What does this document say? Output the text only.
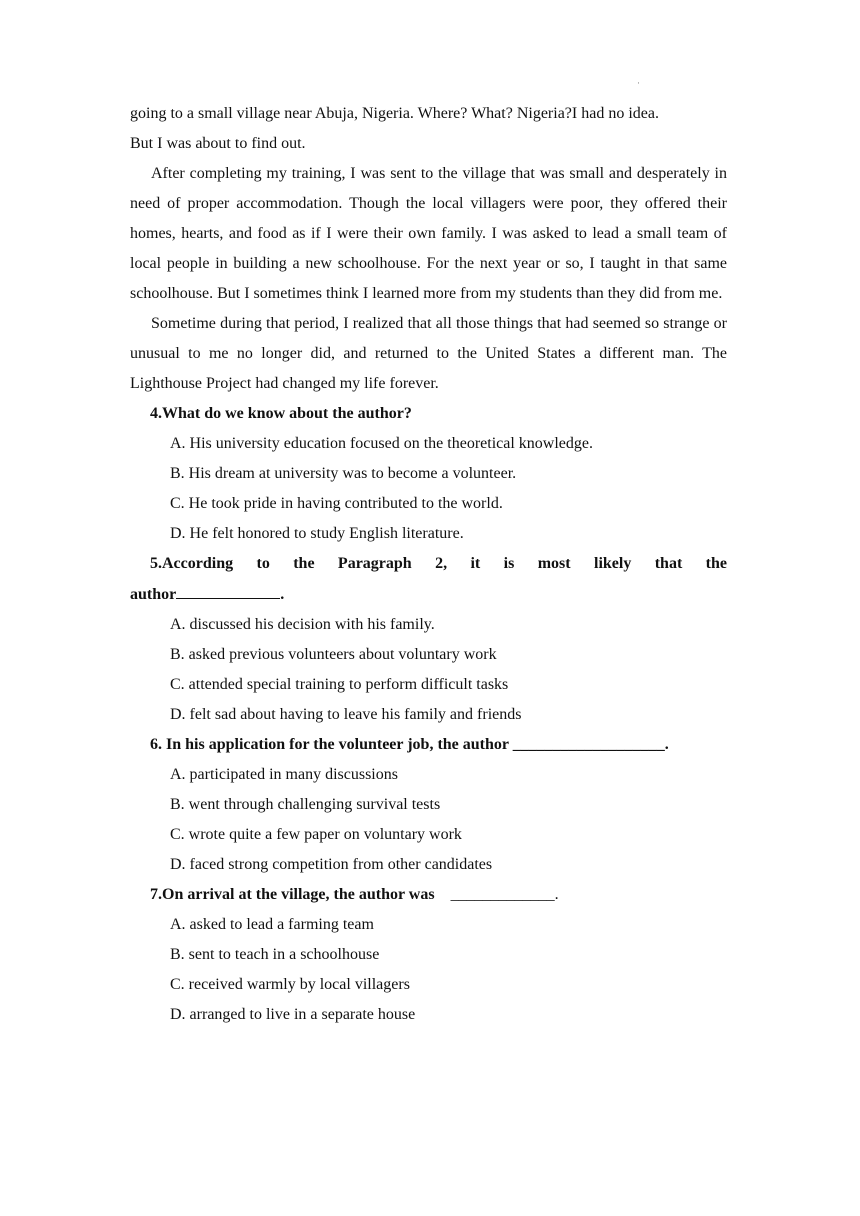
·

going to a small village near Abuja, Nigeria. Where? What? Nigeria?I had no idea.
But I was about to find out.

After completing my training, I was sent to the village that was small and desperately in need of proper accommodation. Though the local villagers were poor, they offered their homes, hearts, and food as if I were their own family. I was asked to lead a small team of local people in building a new schoolhouse. For the next year or so, I taught in that same schoolhouse. But I sometimes think I learned more from my students than they did from me.

Sometime during that period, I realized that all those things that had seemed so strange or unusual to me no longer did, and returned to the United States a different man. The Lighthouse Project had changed my life forever.

4.What do we know about the author?

A. His university education focused on the theoretical knowledge.
B. His dream at university was to become a volunteer.
C. He took pride in having contributed to the world.
D. He felt honored to study English literature.

5.According to the Paragraph 2, it is most likely that the

author	.

A. discussed his decision with his family.
B. asked previous volunteers about voluntary work
C. attended special training to perform difficult tasks
D. felt sad about having to leave his family and friends

6. In his application for the volunteer job, the author ___________________.

A. participated in many discussions
B. went through challenging survival tests
C. wrote quite a few paper on voluntary work
D. faced strong competition from other candidates

7.On arrival at the village, the author was    _____________.

A. asked to lead a farming team
B. sent to teach in a schoolhouse
C. received warmly by local villagers
D. arranged to live in a separate house
